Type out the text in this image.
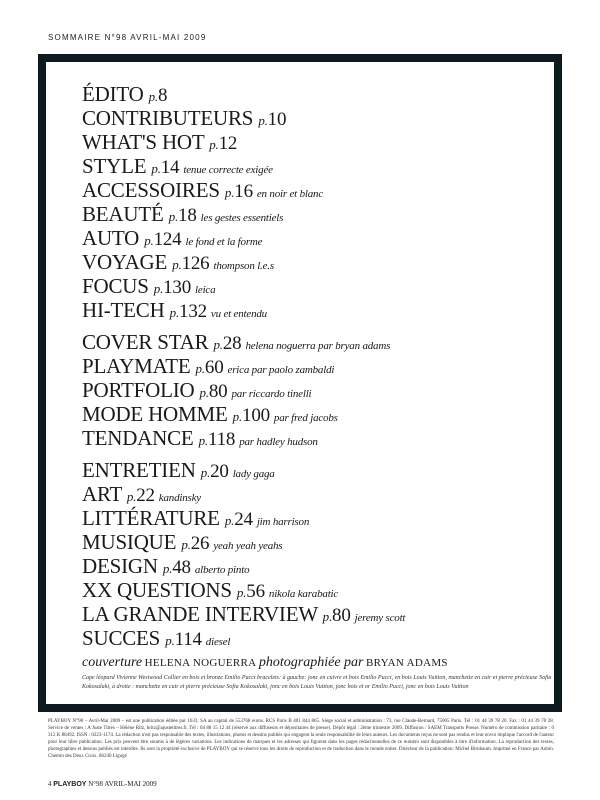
SOMMAIRE N°98 AVRIL-MAI 2009
ÉDITO p.8
CONTRIBUTEURS p.10
WHAT'S HOT p.12
STYLE p.14 tenue correcte exigée
ACCESSOIRES p.16 en noir et blanc
BEAUTÉ p.18 les gestes essentiels
AUTO p.124 le fond et la forme
VOYAGE p.126 thompson l.e.s
FOCUS p.130 leica
HI-TECH p.132 vu et entendu
COVER STAR p.28 helena noguerra par bryan adams
PLAYMATE p.60 erica par paolo zambaldi
PORTFOLIO p.80 par riccardo tinelli
MODE HOMME p.100 par fred jacobs
TENDANCE p.118 par hadley hudson
ENTRETIEN p.20 lady gaga
ART p.22 kandinsky
LITTÉRATURE p.24 jim harrison
MUSIQUE p.26 yeah yeah yeahs
DESIGN p.48 alberto pinto
XX QUESTIONS p.56 nikola karabatic
LA GRANDE INTERVIEW p.80 jeremy scott
SUCCES p.114 diesel
couverture HELENA NOGUERRA photographiée par BRYAN ADAMS
Cape léopard Vivienne Westwood Collier en bois et bronze Emilio Pucci bracelets: à gauche: jonc en cuivre et bois Emilio Pucci, en bois Louis Vuitton, manchette en cuir et pierre précieuse Sofia Kokosalaki, à droite : manchette en cuir et pierre précieuse Sofia Kokosalaki, jonc en bois Louis Vuitton, jonc bois et or Emilio Pucci, jonc en bois Louis Vuitton
PLAYBOY N°98 – Avril-Mai 2009 – est une publication éditée par 1633, SA au capital de 553768 euros. RCS Paris B 401 844 865. Siège social et administration : 73, rue Claude-Bernard, 75005 Paris. Tél : 01 44 39 78 20. Fax : 01 44 39 78 28. Service de ventes : A Juste Titres – Hélène Ritz, hritz@ajustetitres.fr. Tél : 04 88 15 12 44 (réservé aux diffuseurs et dépositaires de presse). Dépôt légal : 2ème trimestre 2009. Diffusion : SAEM Transports Presse. Numéro de commission paritaire : 0 312 K 88492. ISSN : 0223-1174. La rédaction n'est pas responsable des textes, illustrations, photos et dessins publiés qui engagent la seule responsabilité de leurs auteurs. Les documents reçus ne sont pas rendus et leur envoi implique l'accord de l'auteur pour leur libre publication. Les prix peuvent être soumis à de légères variations. Les indications de marques et les adresses qui figurent dans les pages rédactionnelles de ce numéro sont disponibles à titre d'information. La reproduction des textes, photographies et dessins publiés est interdite. Ils sont la propriété exclusive de PLAYBOY qui se réserve tous les droits de reproduction et de traduction dans le monde entier. Directeur de la publication: Michel Birnbaum. Imprimé en France par Aubin. Chemin des Deux Croix. 86240 Ligugé
4 PLAYBOY N°98 AVRIL-MAI 2009
